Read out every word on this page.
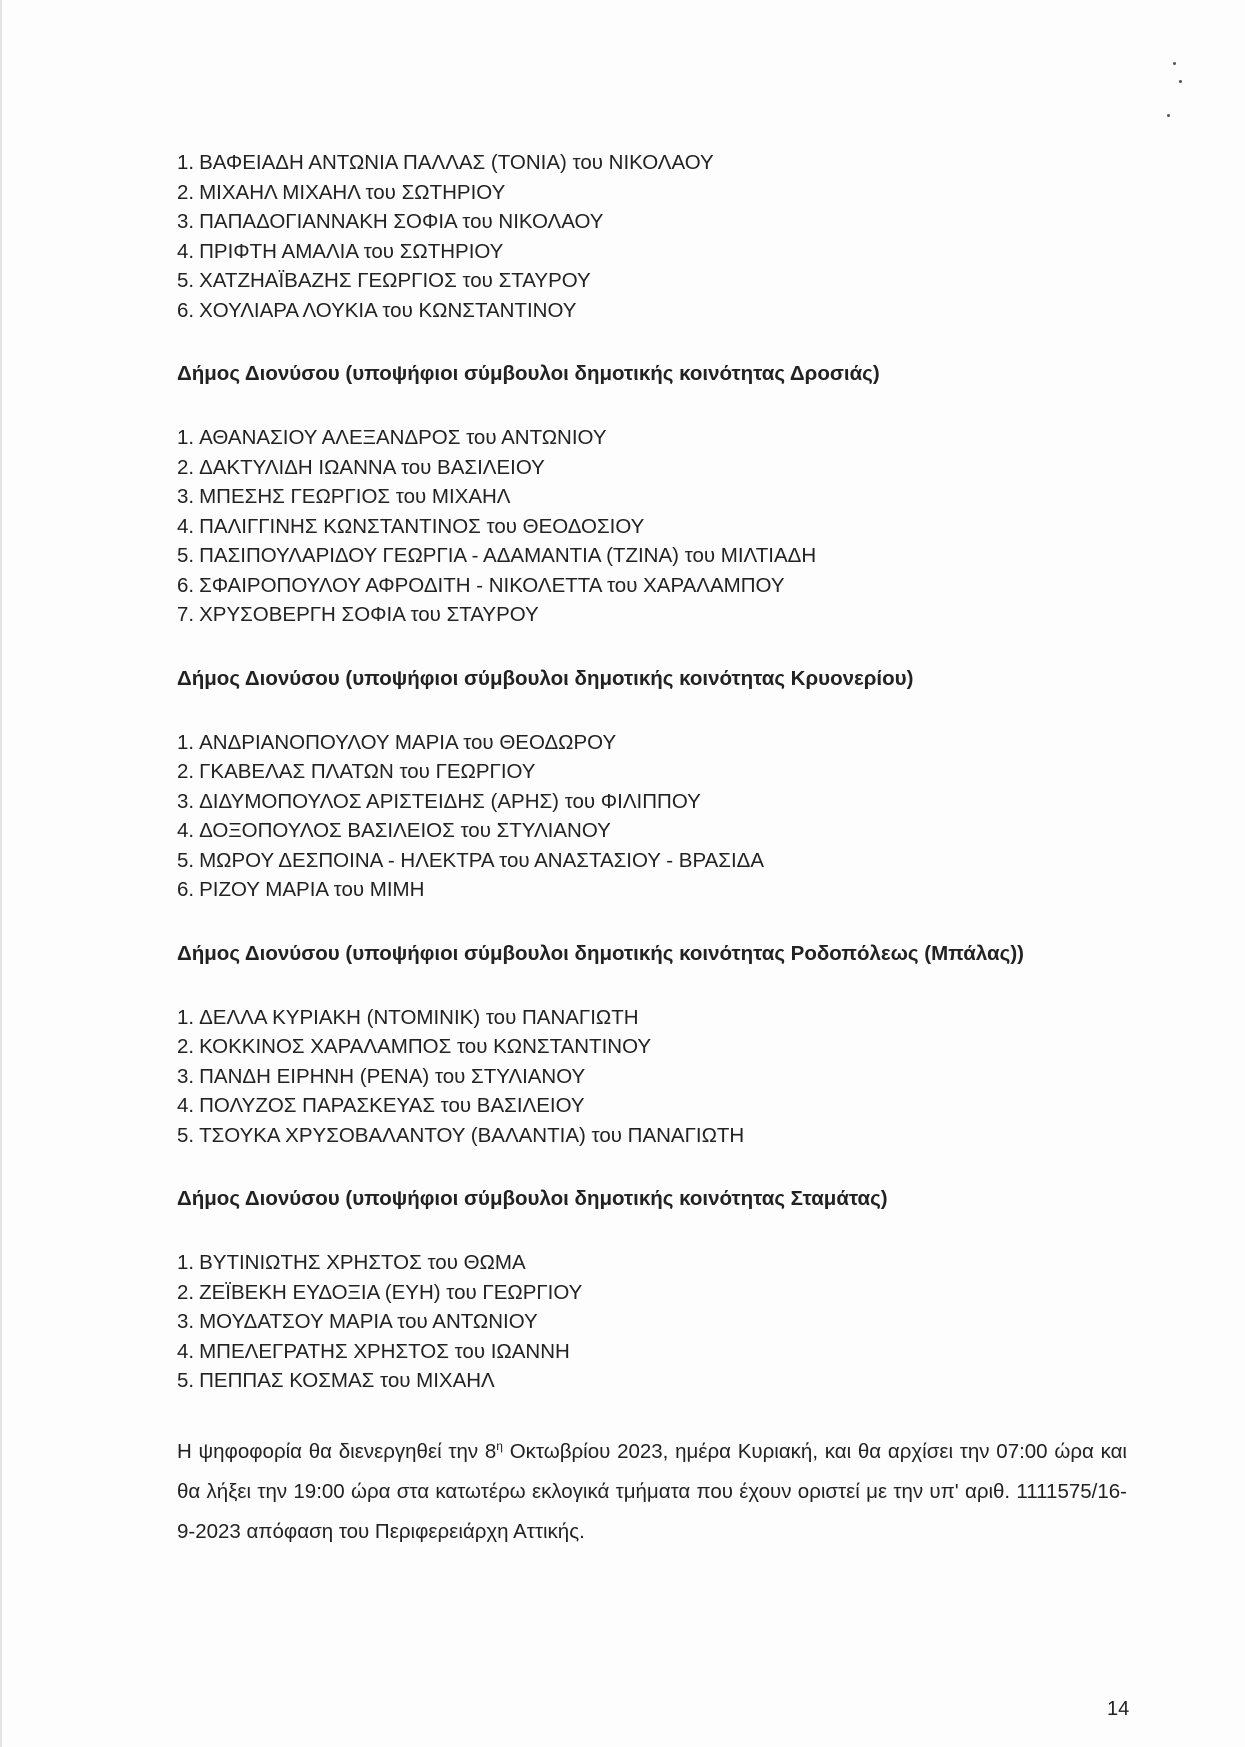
1. ΒΑΦΕΙΑΔΗ ΑΝΤΩΝΙΑ ΠΑΛΛΑΣ (ΤΟΝΙΑ) του ΝΙΚΟΛΑΟΥ
2. ΜΙΧΑΗΛ ΜΙΧΑΗΛ του ΣΩΤΗΡΙΟΥ
3. ΠΑΠΑΔΟΓΙΑΝΝΑΚΗ ΣΟΦΙΑ του ΝΙΚΟΛΑΟΥ
4. ΠΡΙΦΤΗ ΑΜΑΛΙΑ του ΣΩΤΗΡΙΟΥ
5. ΧΑΤΖΗΑΪΒΑΖΗΣ ΓΕΩΡΓΙΟΣ του ΣΤΑΥΡΟΥ
6. ΧΟΥΛΙΑΡΑ ΛΟΥΚΙΑ του ΚΩΝΣΤΑΝΤΙΝΟΥ
Δήμος Διονύσου (υποψήφιοι σύμβουλοι δημοτικής κοινότητας Δροσιάς)
1. ΑΘΑΝΑΣΙΟΥ ΑΛΕΞΑΝΔΡΟΣ του ΑΝΤΩΝΙΟΥ
2. ΔΑΚΤΥΛΙΔΗ ΙΩΑΝΝΑ του ΒΑΣΙΛΕΙΟΥ
3. ΜΠΕΣΗΣ ΓΕΩΡΓΙΟΣ του ΜΙΧΑΗΛ
4. ΠΑΛΙΓΓΙΝΗΣ ΚΩΝΣΤΑΝΤΙΝΟΣ του ΘΕΟΔΟΣΙΟΥ
5. ΠΑΣΙΠΟΥΛΑΡΙΔΟΥ ΓΕΩΡΓΙΑ - ΑΔΑΜΑΝΤΙΑ (ΤΖΙΝΑ) του ΜΙΛΤΙΑΔΗ
6. ΣΦΑΙΡΟΠΟΥΛΟΥ ΑΦΡΟΔΙΤΗ - ΝΙΚΟΛΕΤΤΑ του ΧΑΡΑΛΑΜΠΟΥ
7. ΧΡΥΣΟΒΕΡΓΗ ΣΟΦΙΑ του ΣΤΑΥΡΟΥ
Δήμος Διονύσου (υποψήφιοι σύμβουλοι δημοτικής κοινότητας Κρυονερίου)
1. ΑΝΔΡΙΑΝΟΠΟΥΛΟΥ ΜΑΡΙΑ του ΘΕΟΔΩΡΟΥ
2. ΓΚΑΒΕΛΑΣ ΠΛΑΤΩΝ του ΓΕΩΡΓΙΟΥ
3. ΔΙΔΥΜΟΠΟΥΛΟΣ ΑΡΙΣΤΕΙΔΗΣ (ΑΡΗΣ) του ΦΙΛΙΠΠΟΥ
4. ΔΟΞΟΠΟΥΛΟΣ ΒΑΣΙΛΕΙΟΣ του ΣΤΥΛΙΑΝΟΥ
5. ΜΩΡΟΥ ΔΕΣΠΟΙΝΑ - ΗΛΕΚΤΡΑ του ΑΝΑΣΤΑΣΙΟΥ - ΒΡΑΣΙΔΑ
6. ΡΙΖΟΥ ΜΑΡΙΑ του ΜΙΜΗ
Δήμος Διονύσου (υποψήφιοι σύμβουλοι δημοτικής κοινότητας Ροδοπόλεως (Μπάλας))
1. ΔΕΛΛΑ ΚΥΡΙΑΚΗ (ΝΤΟΜΙΝΙΚ) του ΠΑΝΑΓΙΩΤΗ
2. ΚΟΚΚΙΝΟΣ ΧΑΡΑΛΑΜΠΟΣ του ΚΩΝΣΤΑΝΤΙΝΟΥ
3. ΠΑΝΔΗ ΕΙΡΗΝΗ (ΡΕΝΑ) του ΣΤΥΛΙΑΝΟΥ
4. ΠΟΛΥΖΟΣ ΠΑΡΑΣΚΕΥΑΣ του ΒΑΣΙΛΕΙΟΥ
5. ΤΣΟΥΚΑ ΧΡΥΣΟΒΑΛΑΝΤΟΥ (ΒΑΛΑΝΤΙΑ) του ΠΑΝΑΓΙΩΤΗ
Δήμος Διονύσου (υποψήφιοι σύμβουλοι δημοτικής κοινότητας Σταμάτας)
1. ΒΥΤΙΝΙΩΤΗΣ ΧΡΗΣΤΟΣ του ΘΩΜΑ
2. ΖΕΪΒΕΚΗ ΕΥΔΟΞΙΑ (ΕΥΗ) του ΓΕΩΡΓΙΟΥ
3. ΜΟΥΔΑΤΣΟΥ ΜΑΡΙΑ του ΑΝΤΩΝΙΟΥ
4. ΜΠΕΛΕΓΡΑΤΗΣ ΧΡΗΣΤΟΣ του ΙΩΑΝΝΗ
5. ΠΕΠΠΑΣ ΚΟΣΜΑΣ του ΜΙΧΑΗΛ

Η ψηφοφορία θα διενεργηθεί την $8^\eta$ Οκτωβρίου 2023, ημέρα Κυριακή, και θα αρχίσει την 07:00 ώρα και θα λήξει την 19:00 ώρα στα κατωτέρω εκλογικά τμήματα που έχουν οριστεί με την υπ' αριθ. 1111575/16-9-2023 απόφαση του Περιφερειάρχη Αττικής.

14
